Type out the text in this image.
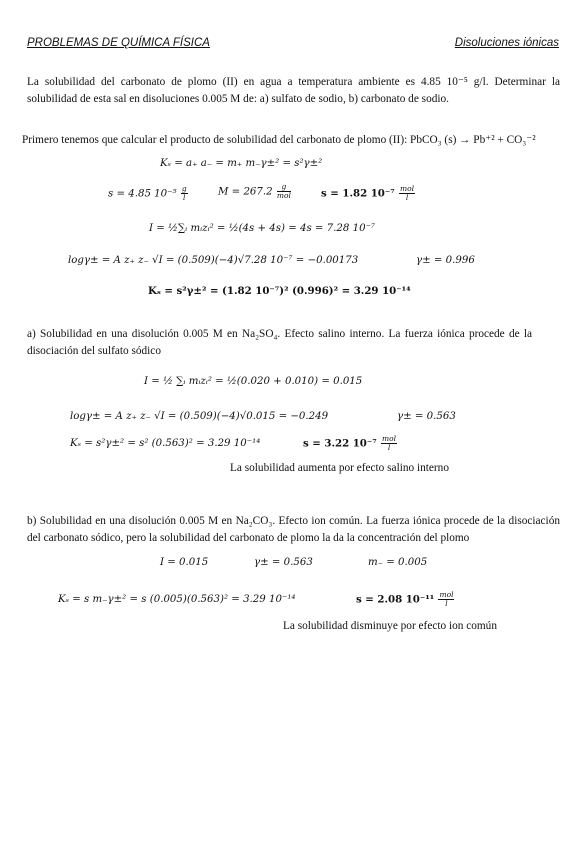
PROBLEMAS DE QUÍMICA FÍSICA	Disoluciones iónicas
La solubilidad del carbonato de plomo (II) en agua a temperatura ambiente es 4.85 10⁻⁵ g/l. Determinar la solubilidad de esta sal en disoluciones 0.005 M de: a) sulfato de sodio, b) carbonato de sodio.
Primero tenemos que calcular el producto de solubilidad del carbonato de plomo (II): PbCO₃ (s) → Pb⁺² + CO₃⁻²
Kₛ = a₊ a₋ = m₊ m₋γ±² = s²γ±²
s = 4.85 $10^{-5} \frac{g}{l}$	$M = 267.2 \frac{g}{\text{mol}}$	s = 1.82 $10^{-7} \frac{\text{mol}}{l}$
I = ½∑ᵢ mᵢzᵢ² = ½(4s + 4s) = 4s = 7.28 10⁻⁷
logγ± = A z₊ z₋ √I = (0.509)(−4)√7.28 10⁻⁷ = −0.00173	γ± = 0.996
Kₛ = s²γ±² = (1.82 10⁻⁷)² (0.996)² = 3.29 10⁻¹⁴
a) Solubilidad en una disolución 0.005 M en Na₂SO₄. Efecto salino interno. La fuerza iónica procede de la disociación del sulfato sódico
I = ½ ∑ᵢ mᵢzᵢ² = ½(0.020 + 0.010) = 0.015
logγ± = A z₊ z₋ √I = (0.509)(−4)√0.015 = −0.249	γ± = 0.563
Kₛ = s²γ±² = s² (0.563)² = 3.29 10⁻¹⁴	s = 3.22 $10^{-7} \frac{\text{mol}}{l}$
La solubilidad aumenta por efecto salino interno
b) Solubilidad en una disolución 0.005 M en Na₂CO₃. Efecto ion común. La fuerza iónica procede de la disociación del carbonato sódico, pero la solubilidad del carbonato de plomo la da la concentración del plomo
I = 0.015	γ± = 0.563	m₋ = 0.005
Kₛ = s m₋γ±² = s (0.005)(0.563)² = 3.29 10⁻¹⁴	s = 2.08 $10^{-11} \frac{\text{mol}}{l}$
La solubilidad disminuye por efecto ion común
